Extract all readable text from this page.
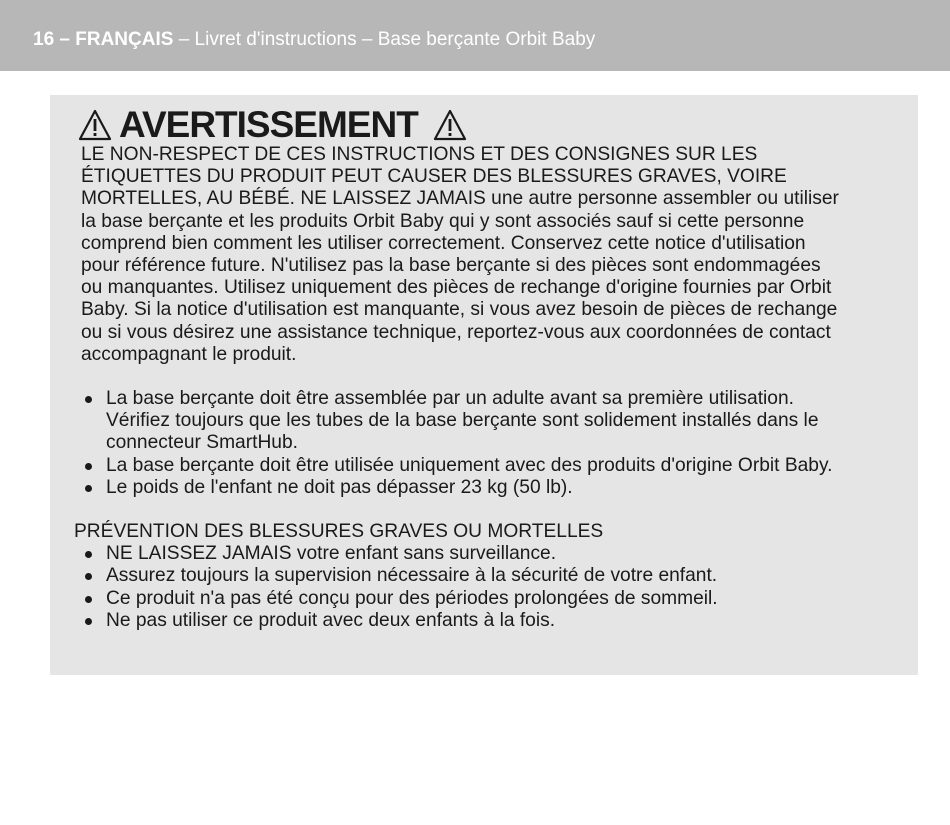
16 – FRANÇAIS – Livret d'instructions – Base berçante Orbit Baby
AVERTISSEMENT

LE NON-RESPECT DE CES INSTRUCTIONS ET DES CONSIGNES SUR LES

ÉTIQUETTES DU PRODUIT PEUT CAUSER DES BLESSURES GRAVES, VOIRE

MORTELLES, AU BÉBÉ. NE LAISSEZ JAMAIS une autre personne assembler ou utiliser

la base berçante et les produits Orbit Baby qui y sont associés sauf si cette personne

comprend bien comment les utiliser correctement. Conservez cette notice d'utilisation

pour référence future. N'utilisez pas la base berçante si des pièces sont endommagées

ou manquantes. Utilisez uniquement des pièces de rechange d'origine fournies par Orbit

Baby. Si la notice d'utilisation est manquante, si vous avez besoin de pièces de rechange

ou si vous désirez une assistance technique, reportez-vous aux coordonnées de contact

accompagnant le produit.

La base berçante doit être assemblée par un adulte avant sa première utilisation.
Vérifiez toujours que les tubes de la base berçante sont solidement installés dans le
connecteur SmartHub.
La base berçante doit être utilisée uniquement avec des produits d'origine Orbit Baby.
Le poids de l'enfant ne doit pas dépasser 23 kg (50 lb).
PRÉVENTION DES BLESSURES GRAVES OU MORTELLES
NE LAISSEZ JAMAIS votre enfant sans surveillance.
Assurez toujours la supervision nécessaire à la sécurité de votre enfant.
Ce produit n'a pas été conçu pour des périodes prolongées de sommeil.
Ne pas utiliser ce produit avec deux enfants à la fois.
